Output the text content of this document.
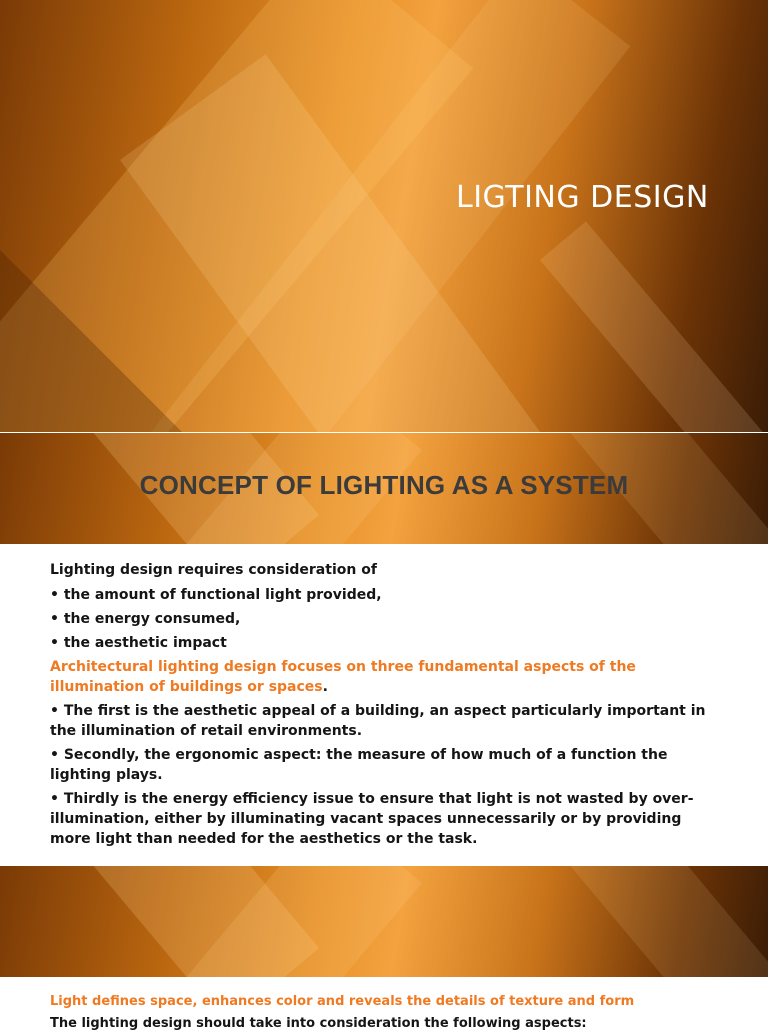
LIGTING DESIGN
CONCEPT OF LIGHTING AS A SYSTEM

Lighting design requires consideration of

• the amount of functional light provided,

• the energy consumed,

• the aesthetic impact

Architectural lighting design focuses on three fundamental aspects of the illumination of buildings or spaces.

• The first is the aesthetic appeal of a building, an aspect particularly important in the illumination of retail environments.

• Secondly, the ergonomic aspect: the measure of how much of a function the lighting plays.

• Thirdly is the energy efficiency issue to ensure that light is not wasted by over-illumination, either by illuminating vacant spaces unnecessarily or by providing more light than needed for the aesthetics or the task.

Light defines space, enhances color and reveals the details of texture and form
The lighting design should take into consideration the following aspects:
